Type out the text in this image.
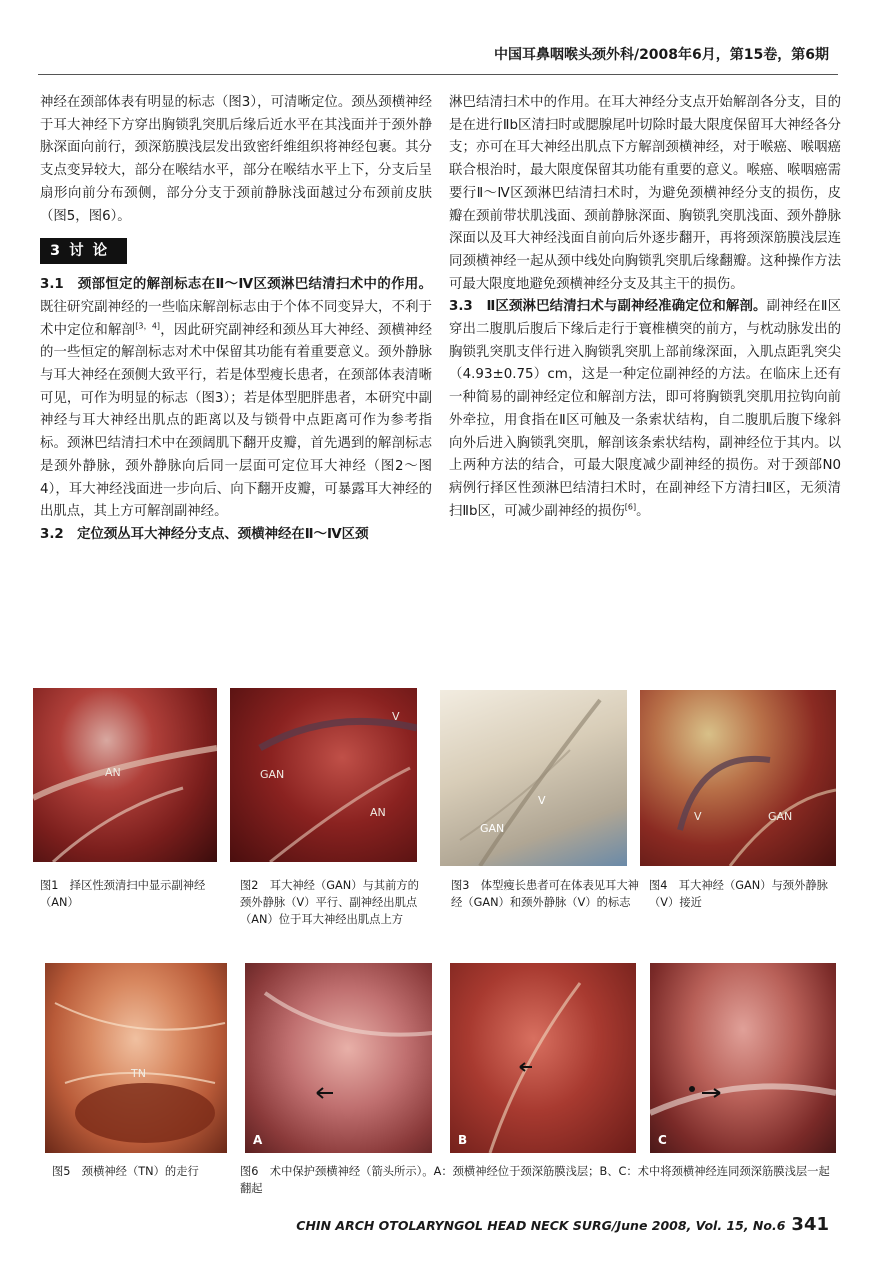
中国耳鼻咽喉头颈外科/2008年6月，第15卷，第6期

神经在颈部体表有明显的标志（图3），可清晰定位。颈丛颈横神经于耳大神经下方穿出胸锁乳突肌后缘后近水平在其浅面并于颈外静脉深面向前行，颈深筋膜浅层发出致密纤维组织将神经包裹。其分支点变异较大，部分在喉结水平，部分在喉结水平上下，分支后呈扇形向前分布颈侧，部分分支于颈前静脉浅面越过分布颈前皮肤（图5，图6）。

3 讨 论

3.1　颈部恒定的解剖标志在Ⅱ～Ⅳ区颈淋巴结清扫术中的作用。既往研究副神经的一些临床解剖标志由于个体不同变异大，不利于术中定位和解剖[3，4]，因此研究副神经和颈丛耳大神经、颈横神经的一些恒定的解剖标志对术中保留其功能有着重要意义。颈外静脉与耳大神经在颈侧大致平行，若是体型瘦长患者，在颈部体表清晰可见，可作为明显的标志（图3）；若是体型肥胖患者，本研究中副神经与耳大神经出肌点的距离以及与锁骨中点距离可作为参考指标。颈淋巴结清扫术中在颈阔肌下翻开皮瓣，首先遇到的解剖标志是颈外静脉，颈外静脉向后同一层面可定位耳大神经（图2～图4），耳大神经浅面进一步向后、向下翻开皮瓣，可暴露耳大神经的出肌点，其上方可解剖副神经。

3.2　定位颈丛耳大神经分支点、颈横神经在Ⅱ～Ⅳ区颈

淋巴结清扫术中的作用。在耳大神经分支点开始解剖各分支，目的是在进行Ⅱb区清扫时或腮腺尾叶切除时最大限度保留耳大神经各分支；亦可在耳大神经出肌点下方解剖颈横神经，对于喉癌、喉咽癌联合根治时，最大限度保留其功能有重要的意义。喉癌、喉咽癌需要行Ⅱ～Ⅳ区颈淋巴结清扫术时，为避免颈横神经分支的损伤，皮瓣在颈前带状肌浅面、颈前静脉深面、胸锁乳突肌浅面、颈外静脉深面以及耳大神经浅面自前向后外逐步翻开，再将颈深筋膜浅层连同颈横神经一起从颈中线处向胸锁乳突肌后缘翻瓣。这种操作方法可最大限度地避免颈横神经分支及其主干的损伤。

3.3　Ⅱ区颈淋巴结清扫术与副神经准确定位和解剖。副神经在Ⅱ区穿出二腹肌后腹后下缘后走行于寰椎横突的前方，与枕动脉发出的胸锁乳突肌支伴行进入胸锁乳突肌上部前缘深面，入肌点距乳突尖（4.93±0.75）cm，这是一种定位副神经的方法。在临床上还有一种简易的副神经定位和解剖方法，即可将胸锁乳突肌用拉钩向前外牵拉，用食指在Ⅱ区可触及一条索状结构，自二腹肌后腹下缘斜向外后进入胸锁乳突肌，解剖该条索状结构，副神经位于其内。以上两种方法的结合，可最大限度减少副神经的损伤。对于颈部N0病例行择区性颈淋巴结清扫术时，在副神经下方清扫Ⅱ区，无须清扫Ⅱb区，可减少副神经的损伤[6]。

AN	GAN
V
AN
V
GAN
V	GAN
图1　择区性颈清扫中显示副神经（AN）
图2　耳大神经（GAN）与其前方的颈外静脉（V）平行、副神经出肌点（AN）位于耳大神经出肌点上方
图3　体型瘦长患者可在体表见耳大神经（GAN）和颈外静脉（V）的标志
图4　耳大神经（GAN）与颈外静脉（V）接近
TN
A	B	C
图5　颈横神经（TN）的走行	图6　术中保护颈横神经（箭头所示）。A：颈横神经位于颈深筋膜浅层；B、C：术中将颈横神经连同颈深筋膜浅层一起翻起
CHIN ARCH OTOLARYNGOL HEAD NECK SURG/June 2008, Vol. 15, No.6 341
